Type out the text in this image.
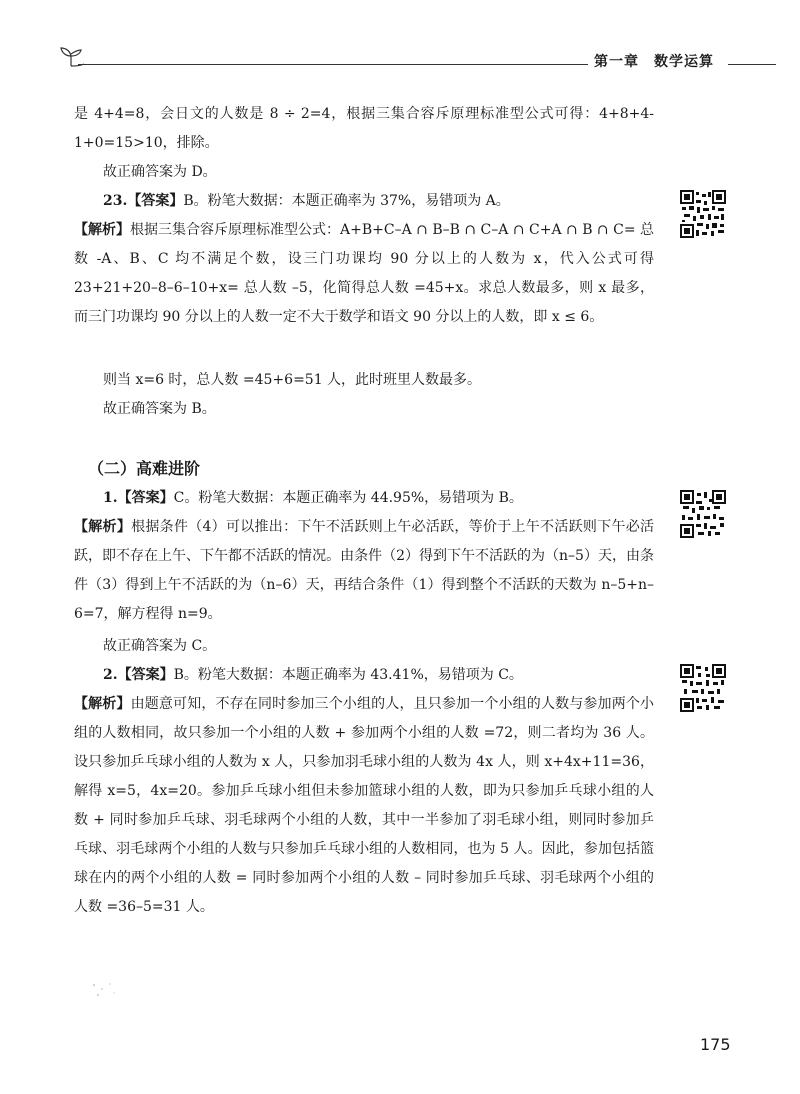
第一章　数学运算

是 4+4=8，会日文的人数是 8 ÷ 2=4，根据三集合容斥原理标准型公式可得：4+8+4-1+0=15>10，排除。

故正确答案为 D。

23.【答案】B。粉笔大数据：本题正确率为 37%，易错项为 A。

【解析】根据三集合容斥原理标准型公式：A+B+C–A ∩ B–B ∩ C–A ∩ C+A ∩ B ∩ C= 总数 -A、B、C 均不满足个数，设三门功课均 90 分以上的人数为 x，代入公式可得 23+21+20–8–6–10+x= 总人数 –5，化简得总人数 =45+x。求总人数最多，则 x 最多，而三门功课均 90 分以上的人数一定不大于数学和语文 90 分以上的人数，即 x ≤ 6。

则当 x=6 时，总人数 =45+6=51 人，此时班里人数最多。

故正确答案为 B。

（二）高难进阶

1.【答案】C。粉笔大数据：本题正确率为 44.95%，易错项为 B。

【解析】根据条件（4）可以推出：下午不活跃则上午必活跃，等价于上午不活跃则下午必活跃，即不存在上午、下午都不活跃的情况。由条件（2）得到下午不活跃的为（n–5）天，由条件（3）得到上午不活跃的为（n–6）天，再结合条件（1）得到整个不活跃的天数为 n–5+n–6=7，解方程得 n=9。

故正确答案为 C。

2.【答案】B。粉笔大数据：本题正确率为 43.41%，易错项为 C。

【解析】由题意可知，不存在同时参加三个小组的人，且只参加一个小组的人数与参加两个小组的人数相同，故只参加一个小组的人数 + 参加两个小组的人数 =72，则二者均为 36 人。设只参加乒乓球小组的人数为 x 人，只参加羽毛球小组的人数为 4x 人，则 x+4x+11=36，解得 x=5，4x=20。参加乒乓球小组但未参加篮球小组的人数，即为只参加乒乓球小组的人数 + 同时参加乒乓球、羽毛球两个小组的人数，其中一半参加了羽毛球小组，则同时参加乒乓球、羽毛球两个小组的人数与只参加乒乓球小组的人数相同，也为 5 人。因此，参加包括篮球在内的两个小组的人数 = 同时参加两个小组的人数 – 同时参加乒乓球、羽毛球两个小组的人数 =36–5=31 人。

175
